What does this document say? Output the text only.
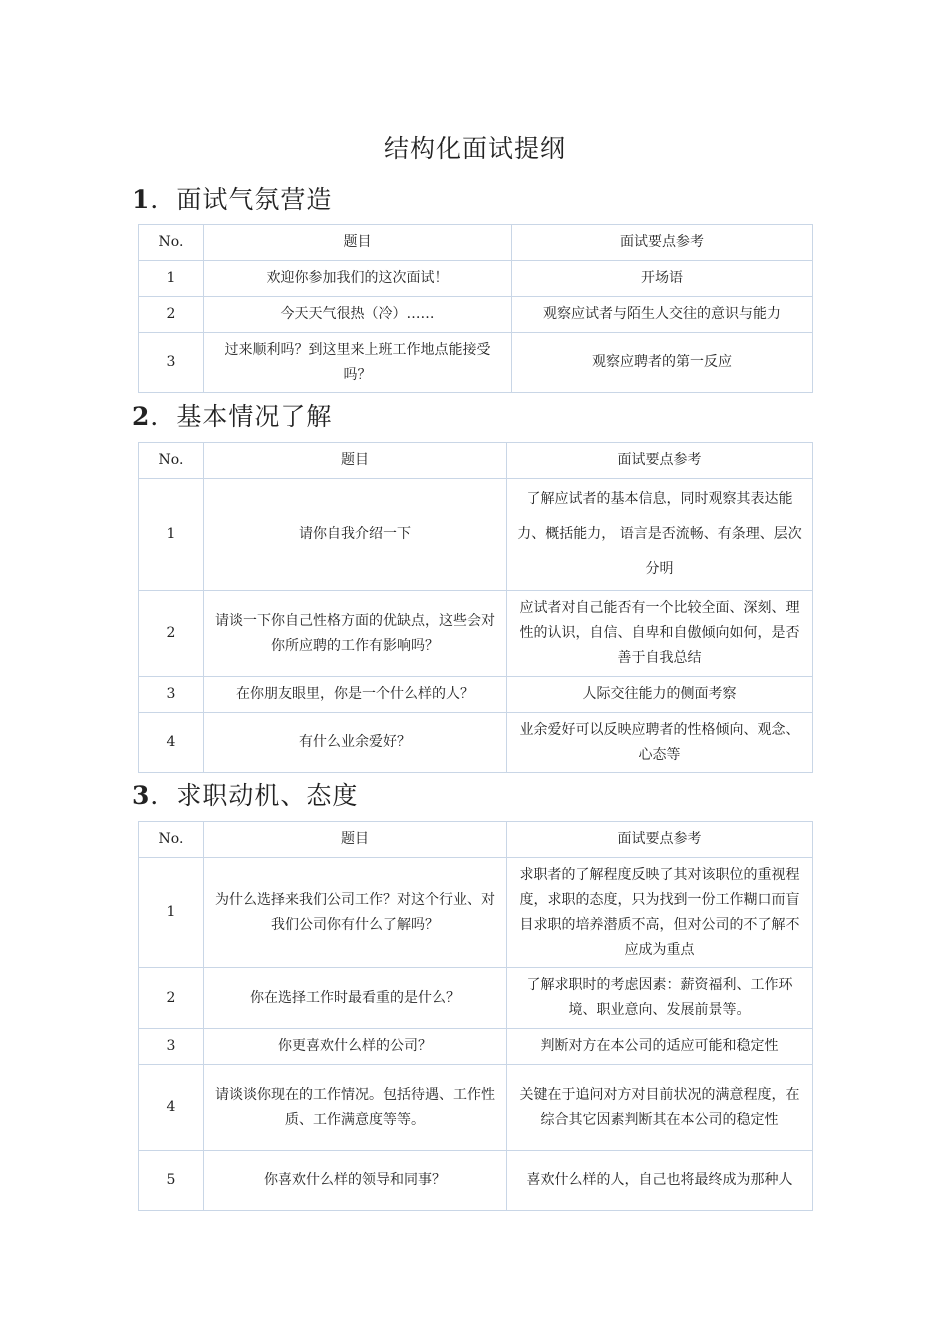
结构化面试提纲
1．面试气氛营造
No.	题目	面试要点参考
1	欢迎你参加我们的这次面试！	开场语
2	今天天气很热（冷）……	观察应试者与陌生人交往的意识与能力
3	过来顺利吗？到这里来上班工作地点能接受吗？	观察应聘者的第一反应
2．基本情况了解
No.	题目	面试要点参考
1	请你自我介绍一下	了解应试者的基本信息，同时观察其表达能力、概括能力， 语言是否流畅、有条理、层次分明
2	请谈一下你自己性格方面的优缺点，这些会对你所应聘的工作有影响吗？	应试者对自己能否有一个比较全面、深刻、理性的认识，自信、自卑和自傲倾向如何，是否善于自我总结
3	在你朋友眼里，你是一个什么样的人？	人际交往能力的侧面考察
4	有什么业余爱好？	业余爱好可以反映应聘者的性格倾向、观念、心态等
3．求职动机、态度
No.	题目	面试要点参考
1	为什么选择来我们公司工作？对这个行业、对我们公司你有什么了解吗？	求职者的了解程度反映了其对该职位的重视程度，求职的态度，只为找到一份工作糊口而盲目求职的培养潜质不高，但对公司的不了解不应成为重点
2	你在选择工作时最看重的是什么？	了解求职时的考虑因素：薪资福利、工作环境、职业意向、发展前景等。
3	你更喜欢什么样的公司？	判断对方在本公司的适应可能和稳定性
4	请谈谈你现在的工作情况。包括待遇、工作性质、工作满意度等等。	关键在于追问对方对目前状况的满意程度，在综合其它因素判断其在本公司的稳定性
5	你喜欢什么样的领导和同事？	喜欢什么样的人，自己也将最终成为那种人
